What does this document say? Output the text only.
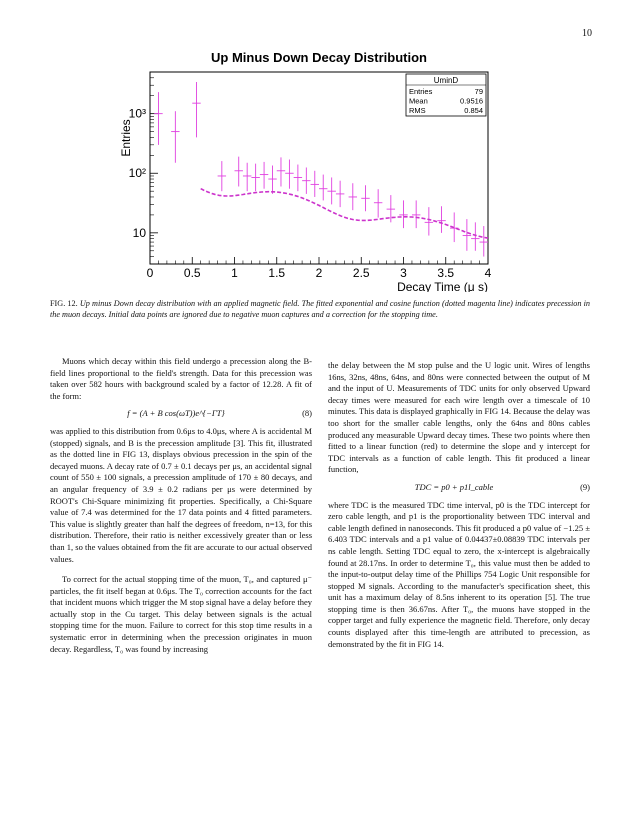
10
Up Minus Down Decay Distribution
0	0.5	1	1.5	2	2.5	3	3.5	4
Decay Time (μ s)
10
10²
10³
Entries
UminD
Entries	79
Mean	0.9516
RMS	0.854
FIG. 12. Up minus Down decay distribution with an applied magnetic field. The fitted exponential and cosine function (dotted magenta line) indicates precession in the muon decays. Initial data points are ignored due to negative muon captures and a correction for the stopping time.

Muons which decay within this field undergo a precession along the B-field lines proportional to the field's strength. Data for this precession was taken over 582 hours with background scaled by a factor of 12.28. A fit of the form:

f = (A + B cos(ωT))e^{−ΓT}	(8)

was applied to this distribution from 0.6μs to 4.0μs, where A is accidental M (stopped) signals, and B is the precession amplitude [3]. This fit, illustrated as the dotted line in FIG 13, displays obvious precession in the spin of the decayed muons. A decay rate of 0.7 ± 0.1 decays per μs, an accidental signal count of 550 ± 100 signals, a precession amplitude of 170 ± 80 decays, and an angular frequency of 3.9 ± 0.2 radians per μs were determined by ROOT's Chi-Square minimizing fit properties. Specifically, a Chi-Square value of 7.4 was determined for the 17 data points and 4 fitted parameters. This value is slightly greater than half the degrees of freedom, n=13, for this distribution. Therefore, their ratio is neither excessively greater than or less than 1, so the values obtained from the fit are accurate to our actual observed values.

To correct for the actual stopping time of the muon, T₀, and captured μ⁻ particles, the fit itself began at 0.6μs. The T₀ correction accounts for the fact that incident muons which trigger the M stop signal have a delay before they actually stop in the Cu target. This delay between signals is the actual stopping time for the muon. Failure to correct for this stop time results in a systematic error in determining when the precession originates in muon decay. Regardless, T₀ was found by increasing

the delay between the M stop pulse and the U logic unit. Wires of lengths 16ns, 32ns, 48ns, 64ns, and 80ns were connected between the output of M and the input of U. Measurements of TDC units for only observed Upward decay times were measured for each wire length over a timescale of 10 minutes. This data is displayed graphically in FIG 14. Because the delay was too short for the smaller cable lengths, only the 64ns and 80ns cables produced any measurable Upward decay times. These two points where then fitted to a linear function (red) to determine the slope and y intercept for TDC intervals as a function of cable length. This fit produced a linear function,

TDC = p0 + p1l_cable	(9)

where TDC is the measured TDC time interval, p0 is the TDC intercept for zero cable length, and p1 is the proportionality between TDC interval and cable length defined in nanoseconds. This fit produced a p0 value of −1.25 ± 6.403 TDC intervals and a p1 value of 0.04437±0.08839 TDC intervals per ns cable length. Setting TDC equal to zero, the x-intercept is algebraically found at 28.17ns. In order to determine T₀, this value must then be added to the input-to-output delay time of the Phillips 754 Logic Unit responsible for stopped M signals. According to the manufacter's specification sheet, this unit has a maximum delay of 8.5ns inherent to its operation [5]. The true stopping time is then 36.67ns. After T₀, the muons have stopped in the copper target and fully experience the magnetic field. Therefore, only decay counts displayed after this time-length are attributed to precession, as demonstrated by the fit in FIG 14.
